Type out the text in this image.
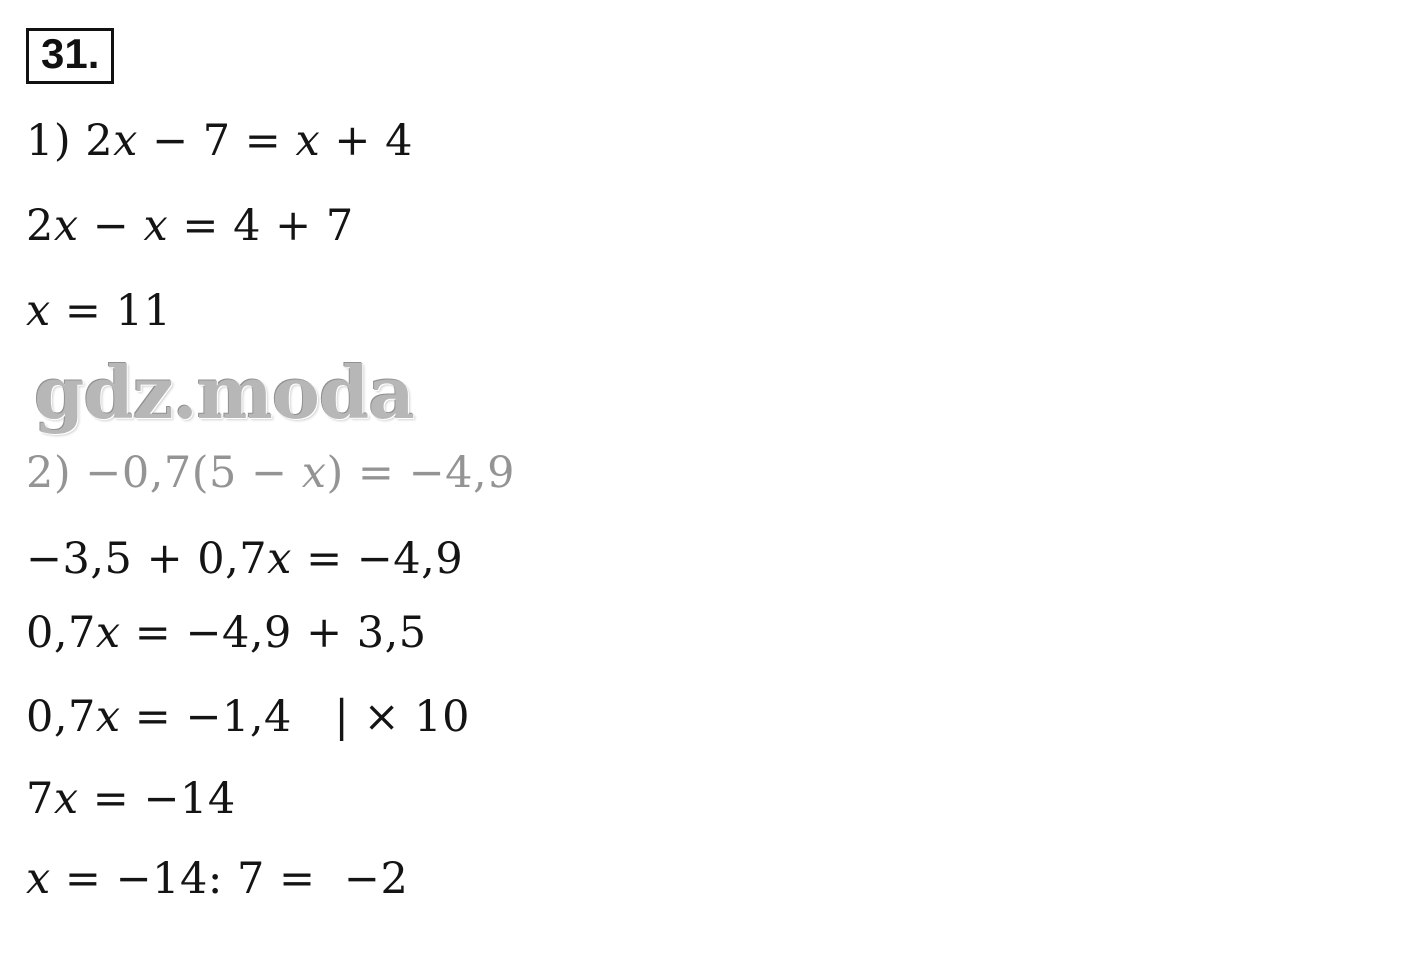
31.
1) 2𝑥 − 7 = 𝑥 + 4
2𝑥 − 𝑥 = 4 + 7
𝑥 = 11
2) −0,7(5 − 𝑥) = −4,9
gdz.moda
−3,5 + 0,7𝑥 = −4,9
0,7𝑥 = −4,9 + 3,5
0,7𝑥 = −1,4   | × 10
7𝑥 = −14
𝑥 = −14: 7 =  −2
